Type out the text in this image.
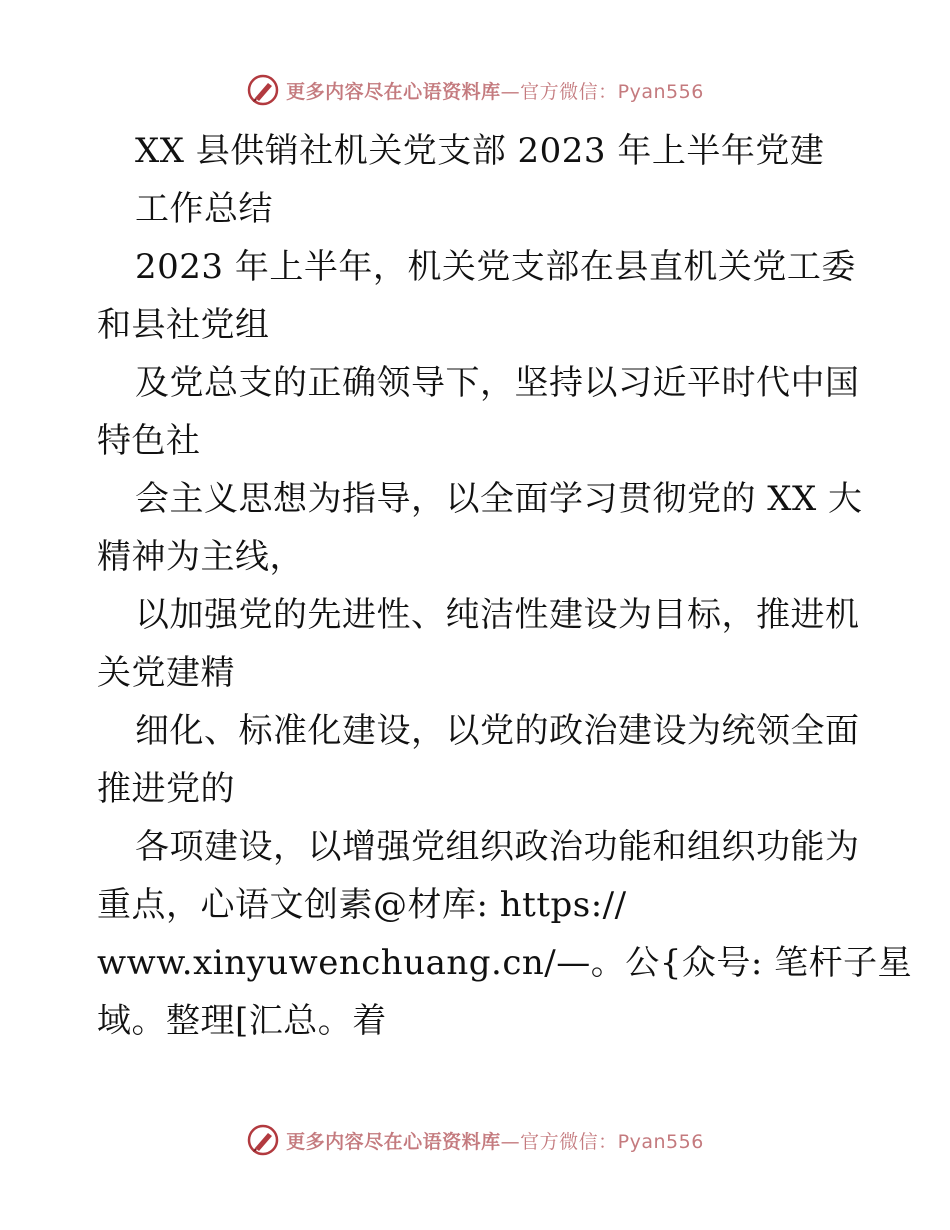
更多内容尽在心语资料库—官方微信：Pyan556
XX 县供销社机关党支部 2023 年上半年党建
工作总结
2023 年上半年，机关党支部在县直机关党工委
和县社党组
及党总支的正确领导下，坚持以习近平时代中国
特色社
会主义思想为指导，以全面学习贯彻党的 XX 大
精神为主线，
以加强党的先进性、纯洁性建设为目标，推进机
关党建精
细化、标准化建设，以党的政治建设为统领全面
推进党的
各项建设，以增强党组织政治功能和组织功能为
重点，心语文创素@材库: https://
www.xinyuwenchuang.cn/—。公{众号: 笔杆子星
域。整理[汇总。着
更多内容尽在心语资料库—官方微信：Pyan556
